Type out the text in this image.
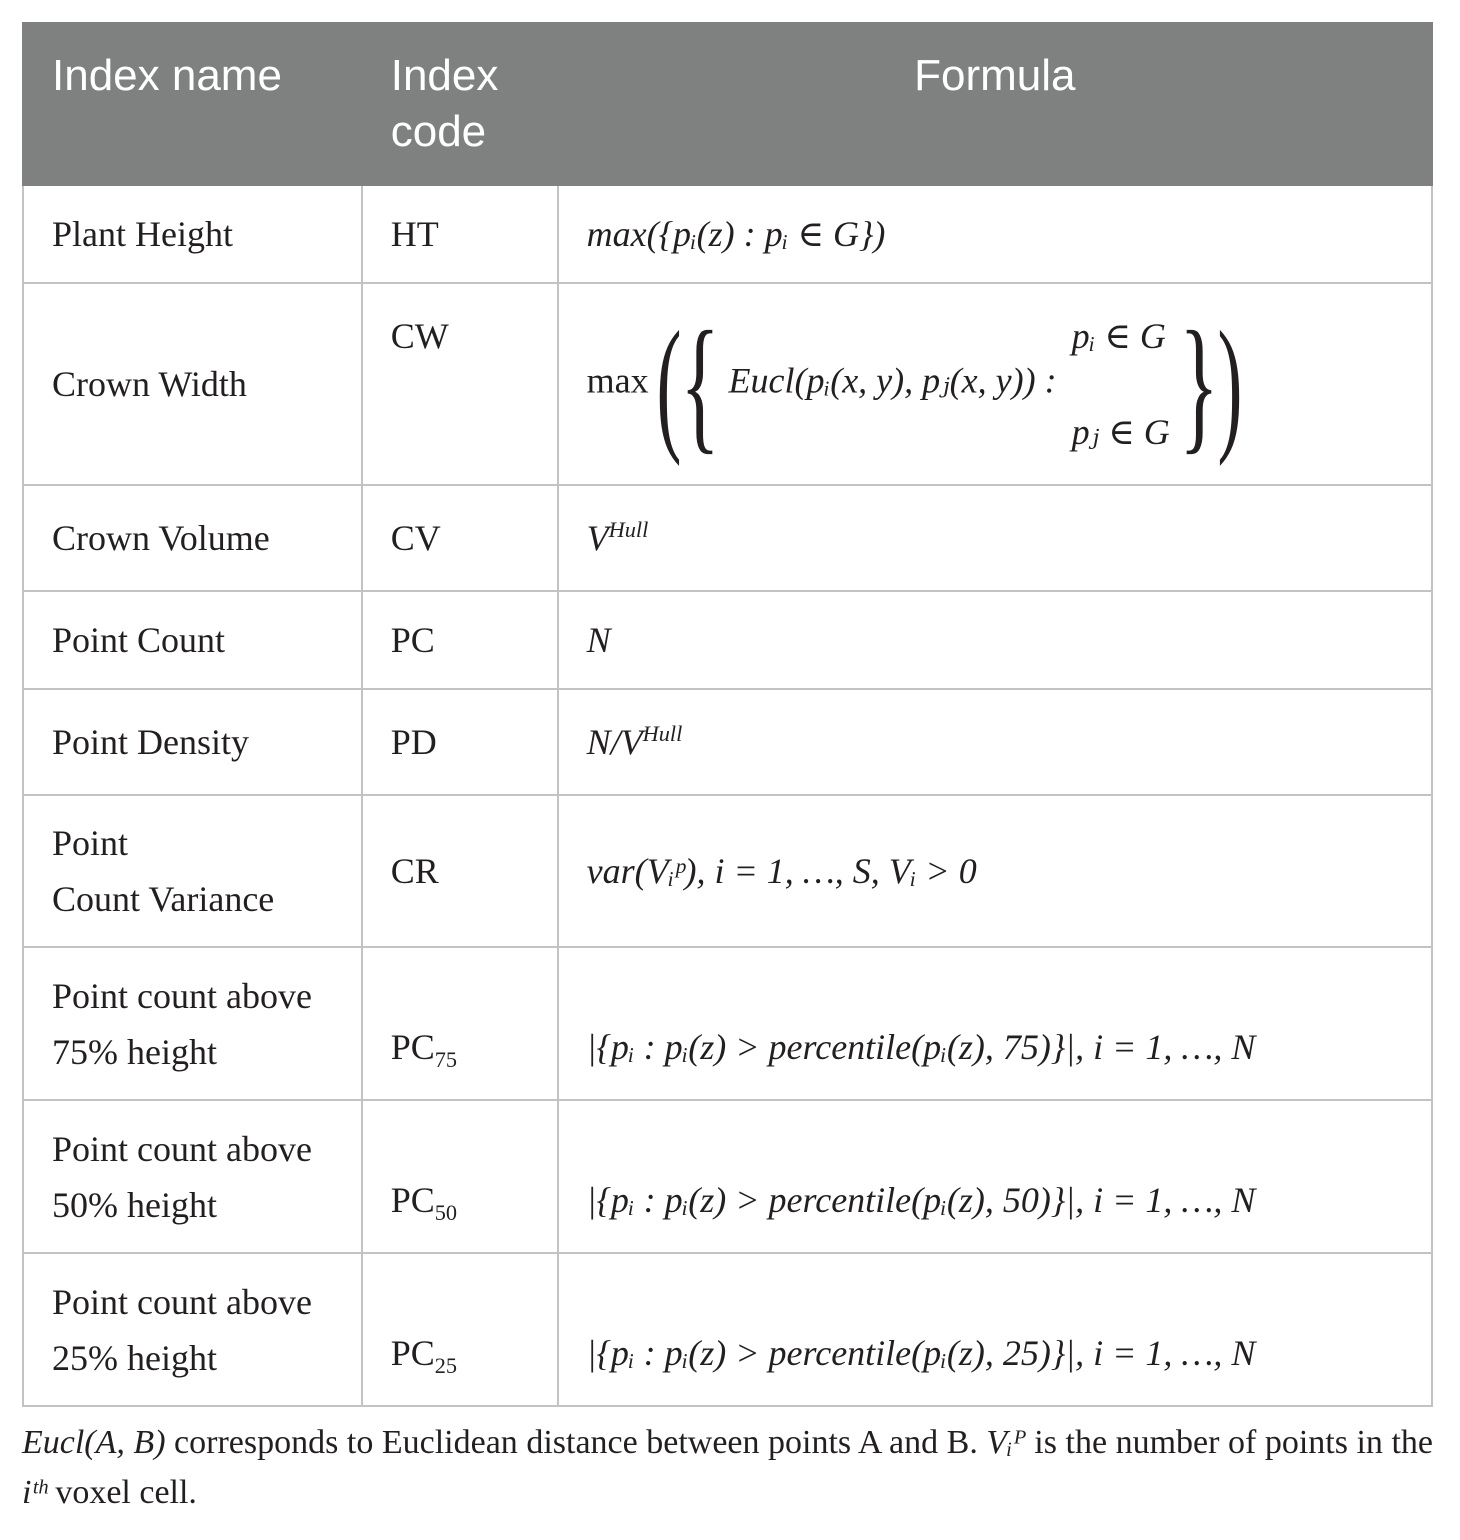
Index name	Index code	Formula
Plant Height	HT	max({pᵢ(z) : pᵢ ∈ G})
Crown Width	CW	max ({ Eucl(pᵢ(x, y), pⱼ(x, y)) : pᵢ ∈ G
pⱼ ∈ G })
Crown Volume	CV	$V^{Hull}$
Point Count	PC	N
Point Density	PD	$N/V^{Hull}$
Point
Count Variance	CR	var(Vᵢᵖ), i = 1, …, S, Vᵢ > 0
Point count above
75% height	$PC_{75}$	|{pᵢ : pᵢ(z) > percentile(pᵢ(z), 75)}|, i = 1, …, N
Point count above
50% height	$PC_{50}$	|{pᵢ : pᵢ(z) > percentile(pᵢ(z), 50)}|, i = 1, …, N
Point count above
25% height	$PC_{25}$	|{pᵢ : pᵢ(z) > percentile(pᵢ(z), 25)}|, i = 1, …, N
Eucl(A, B) corresponds to Euclidean distance between points A and B. Vᵢᴾ is the number of points in the iᵗʰ voxel cell.
